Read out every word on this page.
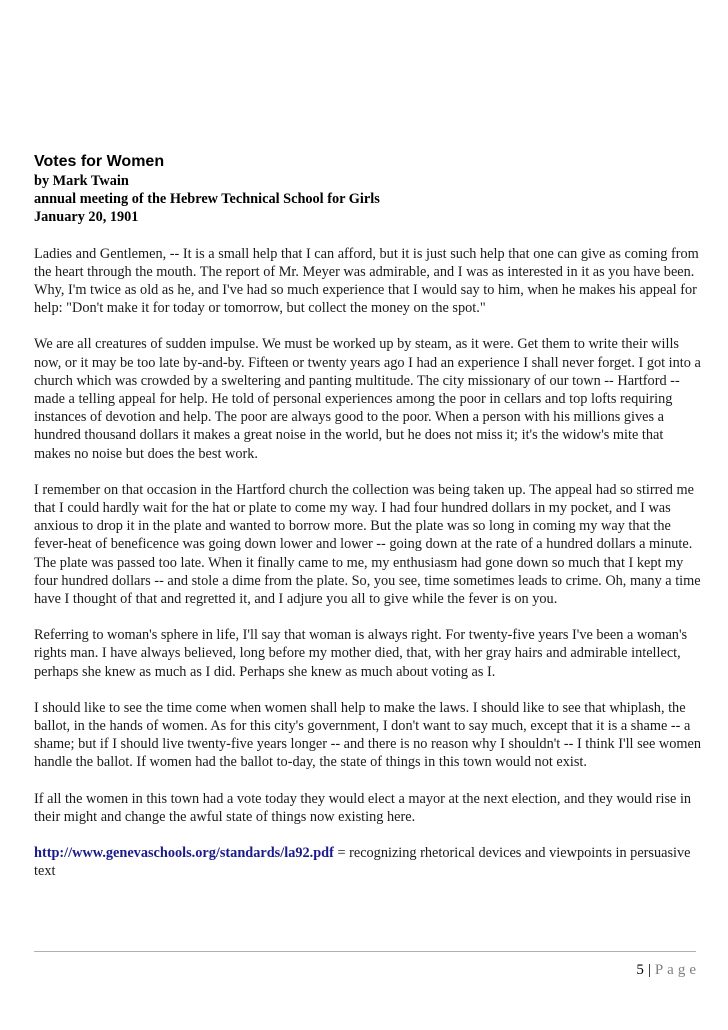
Votes for Women
by Mark Twain
annual meeting of the Hebrew Technical School for Girls
January 20, 1901

Ladies and Gentlemen, -- It is a small help that I can afford, but it is just such help that one can give as coming from the heart through the mouth. The report of Mr. Meyer was admirable, and I was as interested in it as you have been. Why, I'm twice as old as he, and I've had so much experience that I would say to him, when he makes his appeal for help: "Don't make it for today or tomorrow, but collect the money on the spot."

We are all creatures of sudden impulse. We must be worked up by steam, as it were. Get them to write their wills now, or it may be too late by-and-by. Fifteen or twenty years ago I had an experience I shall never forget. I got into a church which was crowded by a sweltering and panting multitude. The city missionary of our town -- Hartford -- made a telling appeal for help. He told of personal experiences among the poor in cellars and top lofts requiring instances of devotion and help. The poor are always good to the poor. When a person with his millions gives a hundred thousand dollars it makes a great noise in the world, but he does not miss it; it's the widow's mite that makes no noise but does the best work.

I remember on that occasion in the Hartford church the collection was being taken up. The appeal had so stirred me that I could hardly wait for the hat or plate to come my way. I had four hundred dollars in my pocket, and I was anxious to drop it in the plate and wanted to borrow more. But the plate was so long in coming my way that the fever-heat of beneficence was going down lower and lower -- going down at the rate of a hundred dollars a minute. The plate was passed too late. When it finally came to me, my enthusiasm had gone down so much that I kept my four hundred dollars -- and stole a dime from the plate. So, you see, time sometimes leads to crime. Oh, many a time have I thought of that and regretted it, and I adjure you all to give while the fever is on you.

Referring to woman's sphere in life, I'll say that woman is always right. For twenty-five years I've been a woman's rights man. I have always believed, long before my mother died, that, with her gray hairs and admirable intellect, perhaps she knew as much as I did. Perhaps she knew as much about voting as I.

I should like to see the time come when women shall help to make the laws. I should like to see that whiplash, the ballot, in the hands of women. As for this city's government, I don't want to say much, except that it is a shame -- a shame; but if I should live twenty-five years longer -- and there is no reason why I shouldn't -- I think I'll see women handle the ballot. If women had the ballot to-day, the state of things in this town would not exist.

If all the women in this town had a vote today they would elect a mayor at the next election, and they would rise in their might and change the awful state of things now existing here.

http://www.genevaschools.org/standards/la92.pdf = recognizing rhetorical devices and viewpoints in persuasive text

5 | Page
